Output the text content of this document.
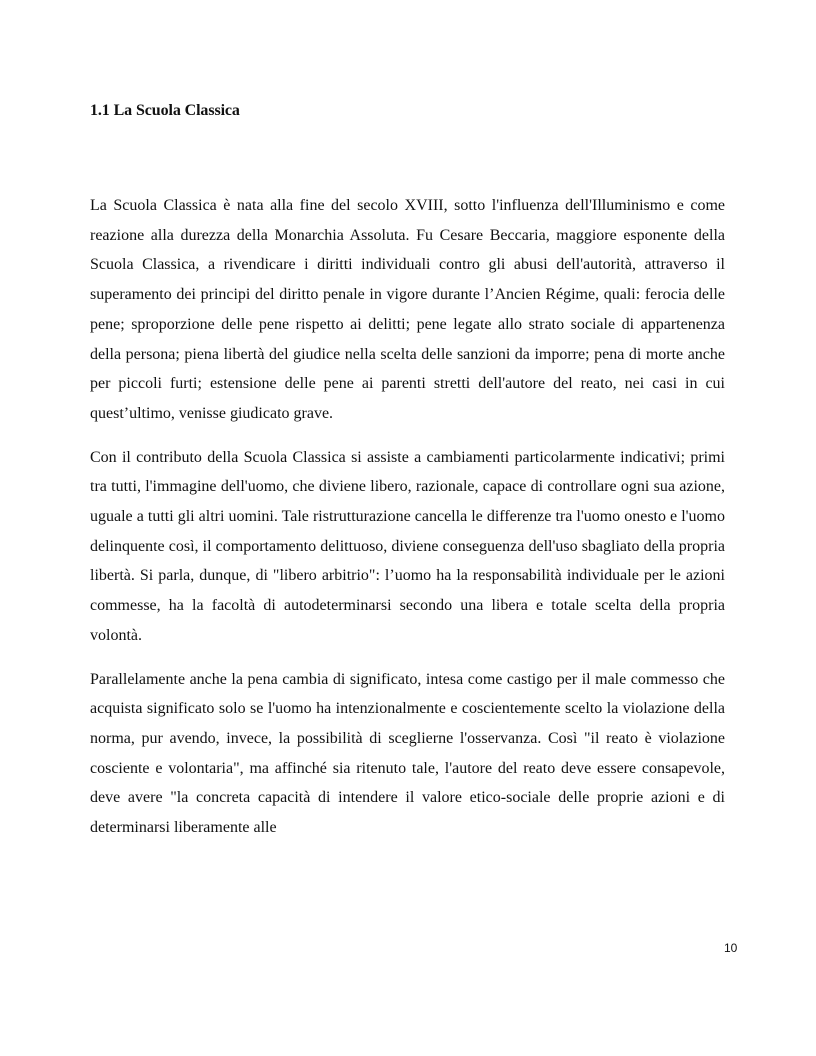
1.1 La Scuola Classica

La Scuola Classica è nata alla fine del secolo XVIII, sotto l'influenza dell'Illuminismo e come reazione alla durezza della Monarchia Assoluta. Fu Cesare Beccaria, maggiore esponente della Scuola Classica, a rivendicare i diritti individuali contro gli abusi dell'autorità, attraverso il superamento dei principi del diritto penale in vigore durante l’Ancien Régime, quali: ferocia delle pene; sproporzione delle pene rispetto ai delitti; pene legate allo strato sociale di appartenenza della persona; piena libertà del giudice nella scelta delle sanzioni da imporre; pena di morte anche per piccoli furti; estensione delle pene ai parenti stretti dell'autore del reato, nei casi in cui quest’ultimo, venisse giudicato grave.

Con il contributo della Scuola Classica si assiste a cambiamenti particolarmente indicativi; primi tra tutti, l'immagine dell'uomo, che diviene libero, razionale, capace di controllare ogni sua azione, uguale a tutti gli altri uomini. Tale ristrutturazione cancella le differenze tra l'uomo onesto e l'uomo delinquente così, il comportamento delittuoso, diviene conseguenza dell'uso sbagliato della propria libertà. Si parla, dunque, di "libero arbitrio": l’uomo ha la responsabilità individuale per le azioni commesse, ha la facoltà di autodeterminarsi secondo una libera e totale scelta della propria volontà.

Parallelamente anche la pena cambia di significato, intesa come castigo per il male commesso che acquista significato solo se l'uomo ha intenzionalmente e coscientemente scelto la violazione della norma, pur avendo, invece, la possibilità di sceglierne l'osservanza. Così "il reato è violazione cosciente e volontaria", ma affinché sia ritenuto tale, l'autore del reato deve essere consapevole, deve avere "la concreta capacità di intendere il valore etico-sociale delle proprie azioni e di determinarsi liberamente alle

10
